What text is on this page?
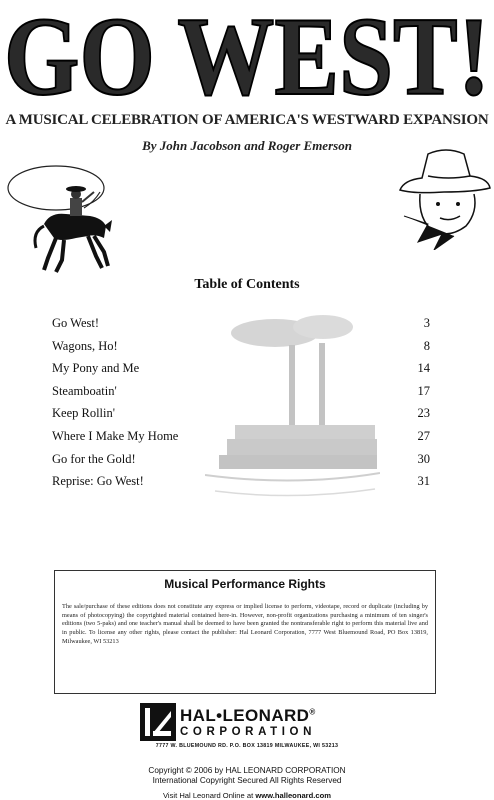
GO WEST!
A MUSICAL CELEBRATION OF AMERICA'S WESTWARD EXPANSION
By John Jacobson and Roger Emerson
Table of Contents
Go West!	3
Wagons, Ho!	8
My Pony and Me	14
Steamboatin'	17
Keep Rollin'	23
Where I Make My Home	27
Go for the Gold!	30
Reprise: Go West!	31
Musical Performance Rights
The sale/purchase of these editions does not constitute any express or implied license to perform, videotape, record or duplicate (including by means of photocopying) the copyrighted material contained here-in. However, non-profit organizations purchasing a minimum of ten singer's editions (two 5-paks) and one teacher's manual shall be deemed to have been granted the nontransferable right to perform this material live and in public. To license any other rights, please contact the publisher: Hal Leonard Corporation, 7777 West Bluemound Road, PO Box 13819, Milwaukee, WI 53213
HAL•LEONARD®
CORPORATION
7777 W. BLUEMOUND RD. P.O. BOX 13819 MILWAUKEE, WI 53213
Copyright © 2006 by HAL LEONARD CORPORATION
International Copyright Secured All Rights Reserved
Visit Hal Leonard Online at www.halleonard.com
